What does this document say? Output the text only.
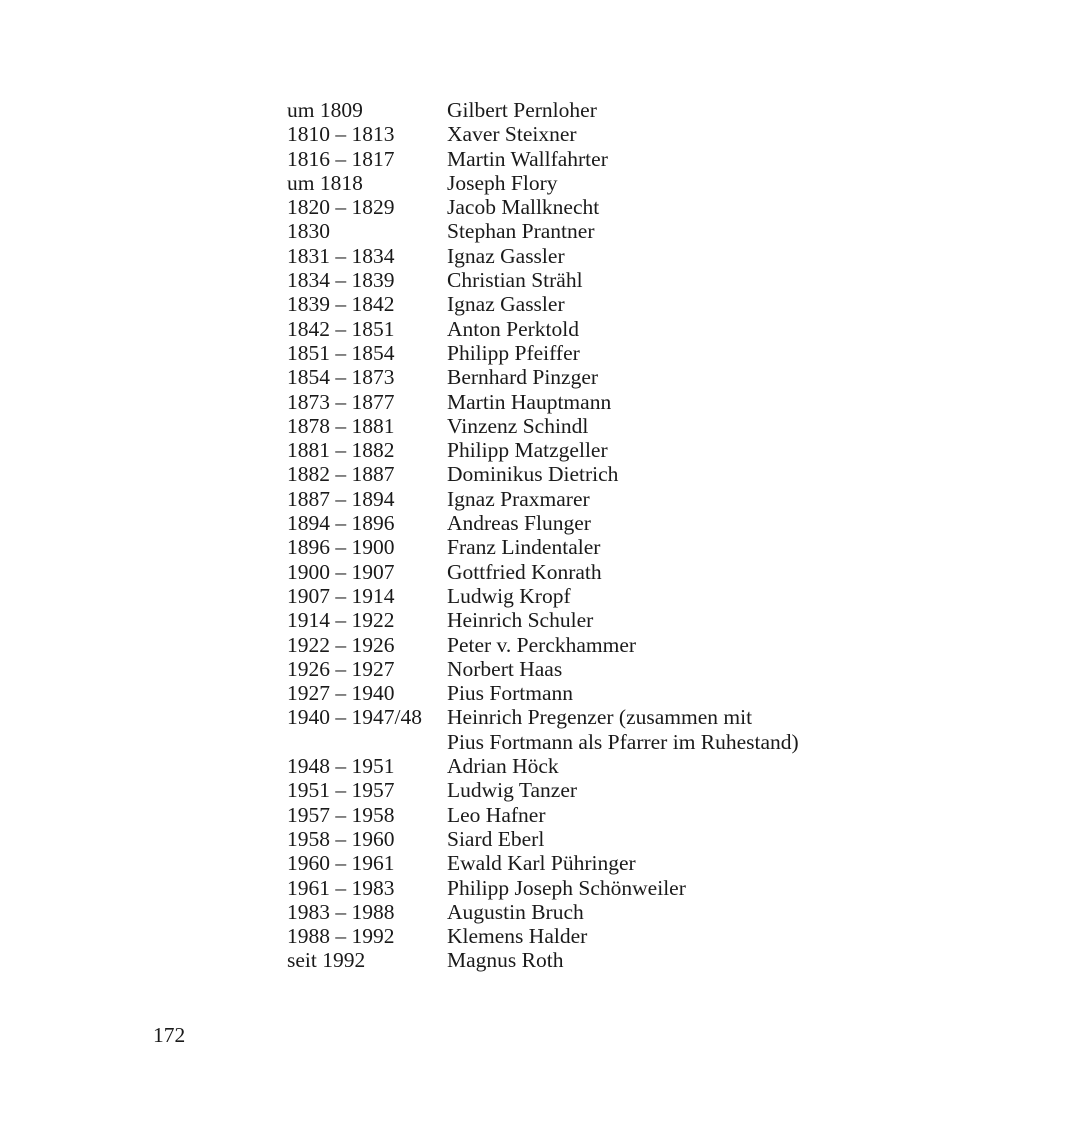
um 1809	Gilbert Pernloher
1810 – 1813	Xaver Steixner
1816 – 1817	Martin Wallfahrter
um 1818	Joseph Flory
1820 – 1829	Jacob Mallknecht
1830	Stephan Prantner
1831 – 1834	Ignaz Gassler
1834 – 1839	Christian Strähl
1839 – 1842	Ignaz Gassler
1842 – 1851	Anton Perktold
1851 – 1854	Philipp Pfeiffer
1854 – 1873	Bernhard Pinzger
1873 – 1877	Martin Hauptmann
1878 – 1881	Vinzenz Schindl
1881 – 1882	Philipp Matzgeller
1882 – 1887	Dominikus Dietrich
1887 – 1894	Ignaz Praxmarer
1894 – 1896	Andreas Flunger
1896 – 1900	Franz Lindentaler
1900 – 1907	Gottfried Konrath
1907 – 1914	Ludwig Kropf
1914 – 1922	Heinrich Schuler
1922 – 1926	Peter v. Perckhammer
1926 – 1927	Norbert Haas
1927 – 1940	Pius Fortmann
1940 – 1947/48	Heinrich Pregenzer (zusammen mit
Pius Fortmann als Pfarrer im Ruhestand)
1948 – 1951	Adrian Höck
1951 – 1957	Ludwig Tanzer
1957 – 1958	Leo Hafner
1958 – 1960	Siard Eberl
1960 – 1961	Ewald Karl Pühringer
1961 – 1983	Philipp Joseph Schönweiler
1983 – 1988	Augustin Bruch
1988 – 1992	Klemens Halder
seit 1992	Magnus Roth
172
